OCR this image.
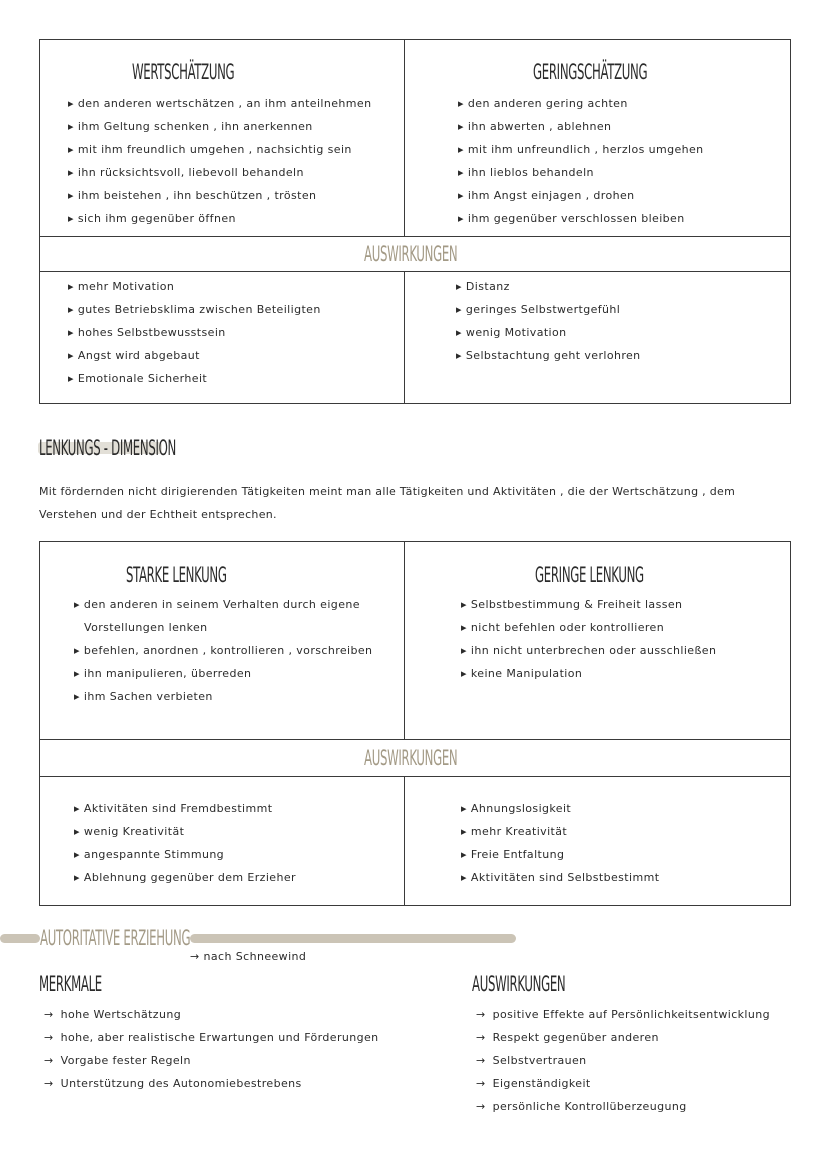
WERTSCHÄTZUNG	GERINGSCHÄTZUNG
▸ den anderen wertschätzen , an ihm anteilnehmen
▸ ihm Geltung schenken , ihn anerkennen
▸ mit ihm freundlich umgehen , nachsichtig sein
▸ ihn rücksichtsvoll, liebevoll behandeln
▸ ihm beistehen , ihn beschützen , trösten
▸ sich ihm gegenüber öffnen
▸ den anderen gering achten
▸ ihn abwerten , ablehnen
▸ mit ihm unfreundlich , herzlos umgehen
▸ ihn lieblos behandeln
▸ ihm Angst einjagen , drohen
▸ ihm gegenüber verschlossen bleiben
AUSWIRKUNGEN
▸ mehr Motivation
▸ gutes Betriebsklima zwischen Beteiligten
▸ hohes Selbstbewusstsein
▸ Angst wird abgebaut
▸ Emotionale Sicherheit
▸ Distanz
▸ geringes Selbstwertgefühl
▸ wenig Motivation
▸ Selbstachtung geht verlohren
LENKUNGS - DIMENSION
Mit fördernden nicht dirigierenden Tätigkeiten meint man alle Tätigkeiten und Aktivitäten , die der Wertschätzung , dem
Verstehen und der Echtheit entsprechen.
STARKE LENKUNG	GERINGE LENKUNG
▸ den anderen in seinem Verhalten durch eigene
Vorstellungen lenken
▸ befehlen, anordnen , kontrollieren , vorschreiben
▸ ihn manipulieren, überreden
▸ ihm Sachen verbieten
▸ Selbstbestimmung & Freiheit lassen
▸ nicht befehlen oder kontrollieren
▸ ihn nicht unterbrechen oder ausschließen
▸ keine Manipulation
AUSWIRKUNGEN
▸ Aktivitäten sind Fremdbestimmt
▸ wenig Kreativität
▸ angespannte Stimmung
▸ Ablehnung gegenüber dem Erzieher
▸ Ahnungslosigkeit
▸ mehr Kreativität
▸ Freie Entfaltung
▸ Aktivitäten sind Selbstbestimmt
AUTORITATIVE ERZIEHUNG
→ nach Schneewind
MERKMALE
→ hohe Wertschätzung
→ hohe, aber realistische Erwartungen und Förderungen
→ Vorgabe fester Regeln
→ Unterstützung des Autonomiebestrebens
AUSWIRKUNGEN
→ positive Effekte auf Persönlichkeitsentwicklung
→ Respekt gegenüber anderen
→ Selbstvertrauen
→ Eigenständigkeit
→ persönliche Kontrollüberzeugung
